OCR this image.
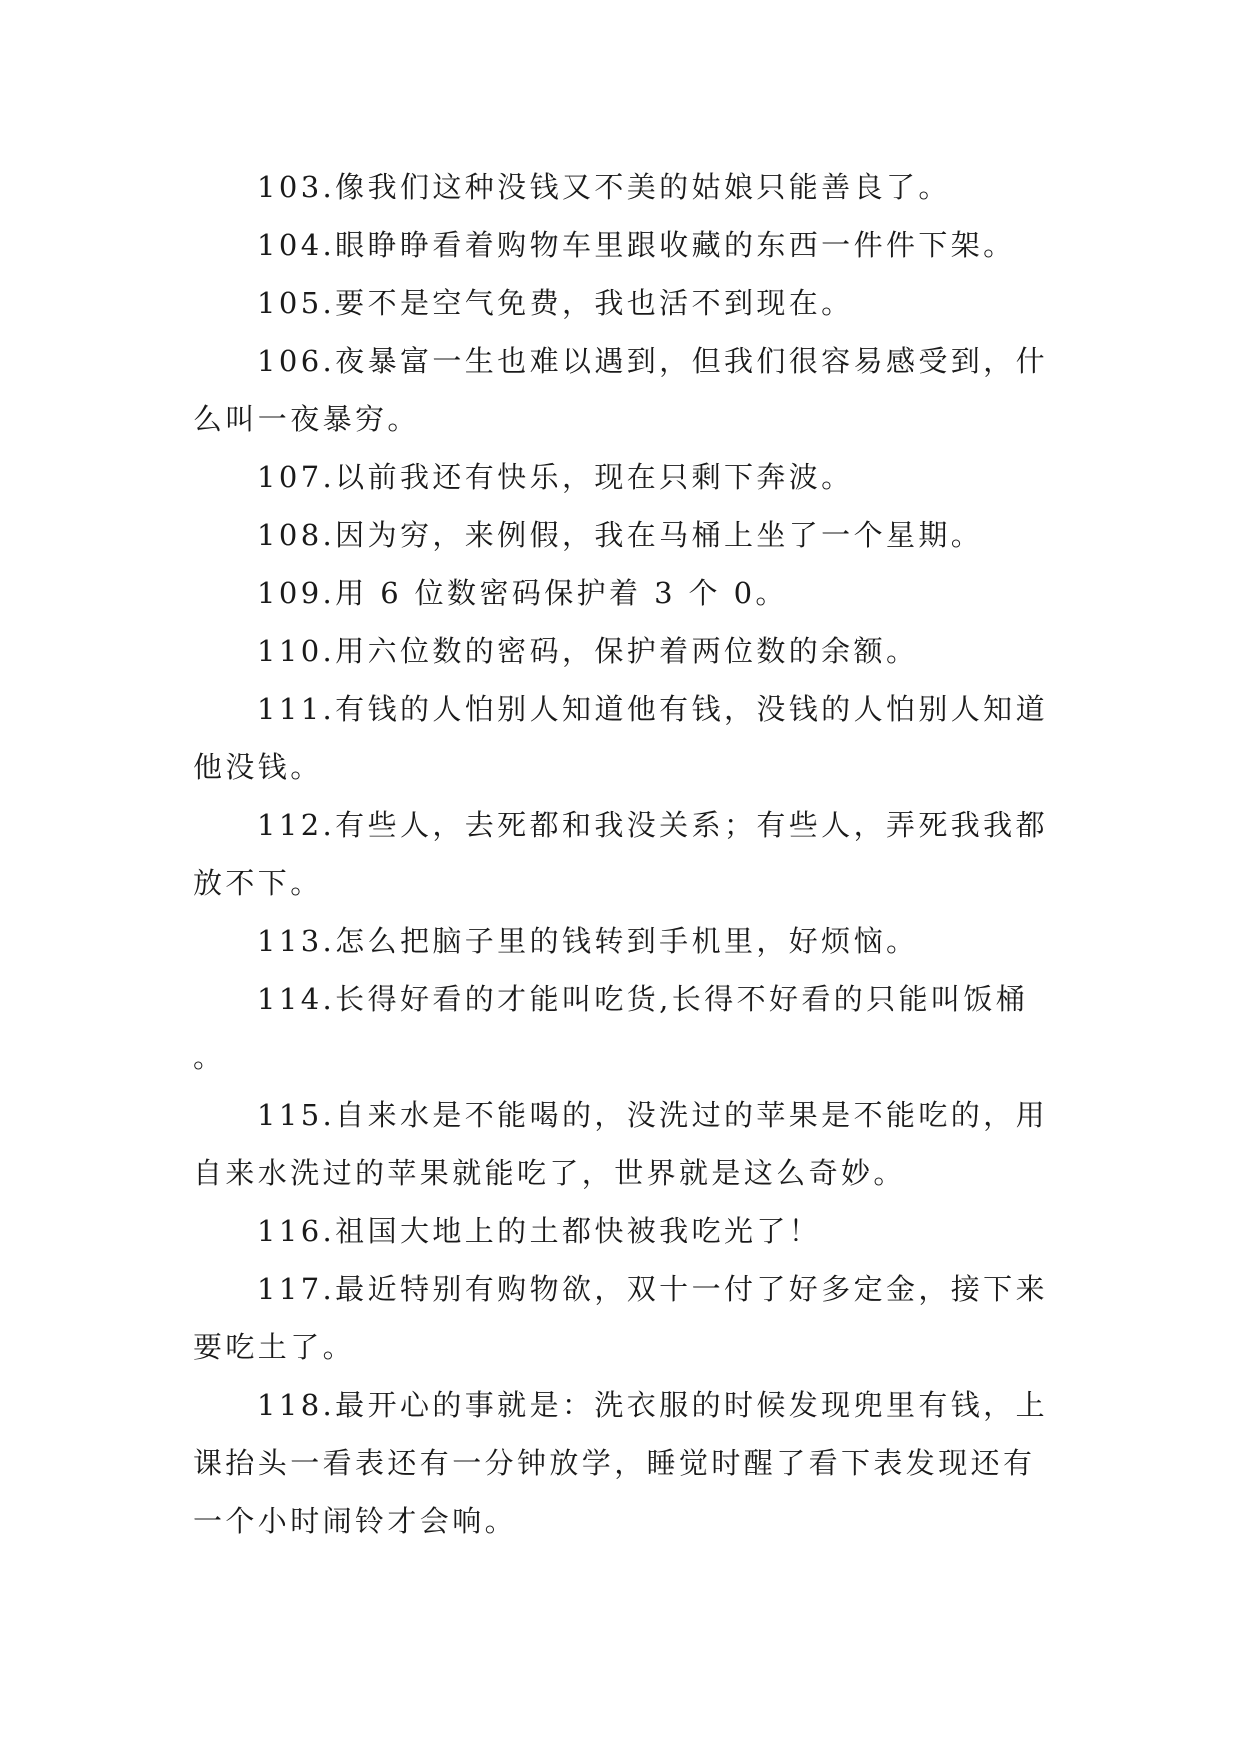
103.像我们这种没钱又不美的姑娘只能善良了。

104.眼睁睁看着购物车里跟收藏的东西一件件下架。

105.要不是空气免费，我也活不到现在。

106.夜暴富一生也难以遇到，但我们很容易感受到，什么叫一夜暴穷。

107.以前我还有快乐，现在只剩下奔波。

108.因为穷，来例假，我在马桶上坐了一个星期。

109.用 6 位数密码保护着 3 个 0。

110.用六位数的密码，保护着两位数的余额。

111.有钱的人怕别人知道他有钱，没钱的人怕别人知道他没钱。

112.有些人，去死都和我没关系；有些人，弄死我我都放不下。

113.怎么把脑子里的钱转到手机里，好烦恼。

114.长得好看的才能叫吃货,长得不好看的只能叫饭桶。

115.自来水是不能喝的，没洗过的苹果是不能吃的，用自来水洗过的苹果就能吃了，世界就是这么奇妙。

116.祖国大地上的土都快被我吃光了！

117.最近特别有购物欲，双十一付了好多定金，接下来要吃土了。

118.最开心的事就是：洗衣服的时候发现兜里有钱，上课抬头一看表还有一分钟放学，睡觉时醒了看下表发现还有一个小时闹铃才会响。
